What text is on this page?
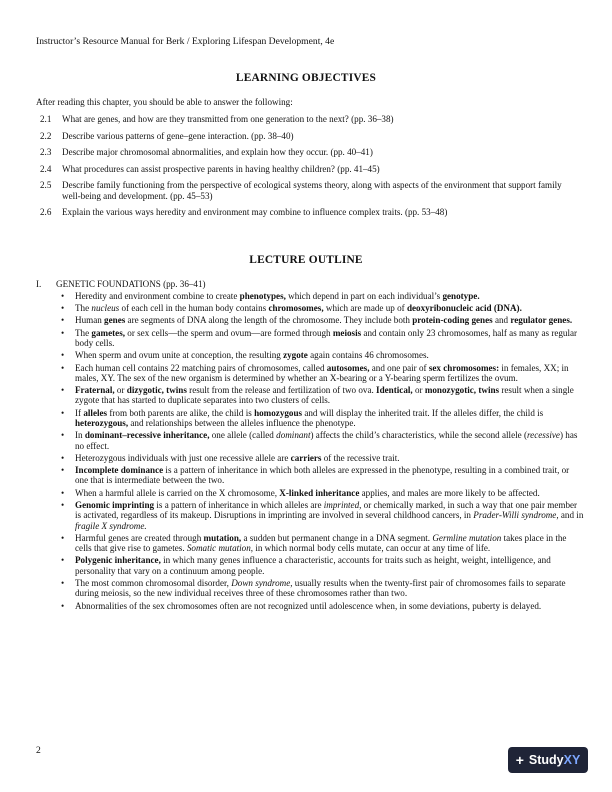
Instructor’s Resource Manual for Berk / Exploring Lifespan Development, 4e
LEARNING OBJECTIVES
After reading this chapter, you should be able to answer the following:
2.1	What are genes, and how are they transmitted from one generation to the next? (pp. 36–38)
2.2	Describe various patterns of gene–gene interaction. (pp. 38–40)
2.3	Describe major chromosomal abnormalities, and explain how they occur. (pp. 40–41)
2.4	What procedures can assist prospective parents in having healthy children? (pp. 41–45)
2.5	Describe family functioning from the perspective of ecological systems theory, along with aspects of the environment that support family well-being and development. (pp. 45–53)
2.6	Explain the various ways heredity and environment may combine to influence complex traits. (pp. 53–48)
LECTURE OUTLINE
I.	GENETIC FOUNDATIONS (pp. 36–41)
• Heredity and environment combine to create phenotypes, which depend in part on each individual’s genotype.
• The nucleus of each cell in the human body contains chromosomes, which are made up of deoxyribonucleic acid (DNA).
• Human genes are segments of DNA along the length of the chromosome. They include both protein-coding genes and regulator genes.
• The gametes, or sex cells—the sperm and ovum—are formed through meiosis and contain only 23 chromosomes, half as many as regular body cells.
• When sperm and ovum unite at conception, the resulting zygote again contains 46 chromosomes.
• Each human cell contains 22 matching pairs of chromosomes, called autosomes, and one pair of sex chromosomes: in females, XX; in males, XY. The sex of the new organism is determined by whether an X-bearing or a Y-bearing sperm fertilizes the ovum.
• Fraternal, or dizygotic, twins result from the release and fertilization of two ova. Identical, or monozygotic, twins result when a single zygote that has started to duplicate separates into two clusters of cells.
• If alleles from both parents are alike, the child is homozygous and will display the inherited trait. If the alleles differ, the child is heterozygous, and relationships between the alleles influence the phenotype.
• In dominant–recessive inheritance, one allele (called dominant) affects the child’s characteristics, while the second allele (recessive) has no effect.
• Heterozygous individuals with just one recessive allele are carriers of the recessive trait.
• Incomplete dominance is a pattern of inheritance in which both alleles are expressed in the phenotype, resulting in a combined trait, or one that is intermediate between the two.
• When a harmful allele is carried on the X chromosome, X-linked inheritance applies, and males are more likely to be affected.
• Genomic imprinting is a pattern of inheritance in which alleles are imprinted, or chemically marked, in such a way that one pair member is activated, regardless of its makeup. Disruptions in imprinting are involved in several childhood cancers, in Prader-Willi syndrome, and in fragile X syndrome.
• Harmful genes are created through mutation, a sudden but permanent change in a DNA segment. Germline mutation takes place in the cells that give rise to gametes. Somatic mutation, in which normal body cells mutate, can occur at any time of life.
• Polygenic inheritance, in which many genes influence a characteristic, accounts for traits such as height, weight, intelligence, and personality that vary on a continuum among people.
• The most common chromosomal disorder, Down syndrome, usually results when the twenty-first pair of chromosomes fails to separate during meiosis, so the new individual receives three of these chromosomes rather than two.
• Abnormalities of the sex chromosomes often are not recognized until adolescence when, in some deviations, puberty is delayed.
2
+ Study XY
